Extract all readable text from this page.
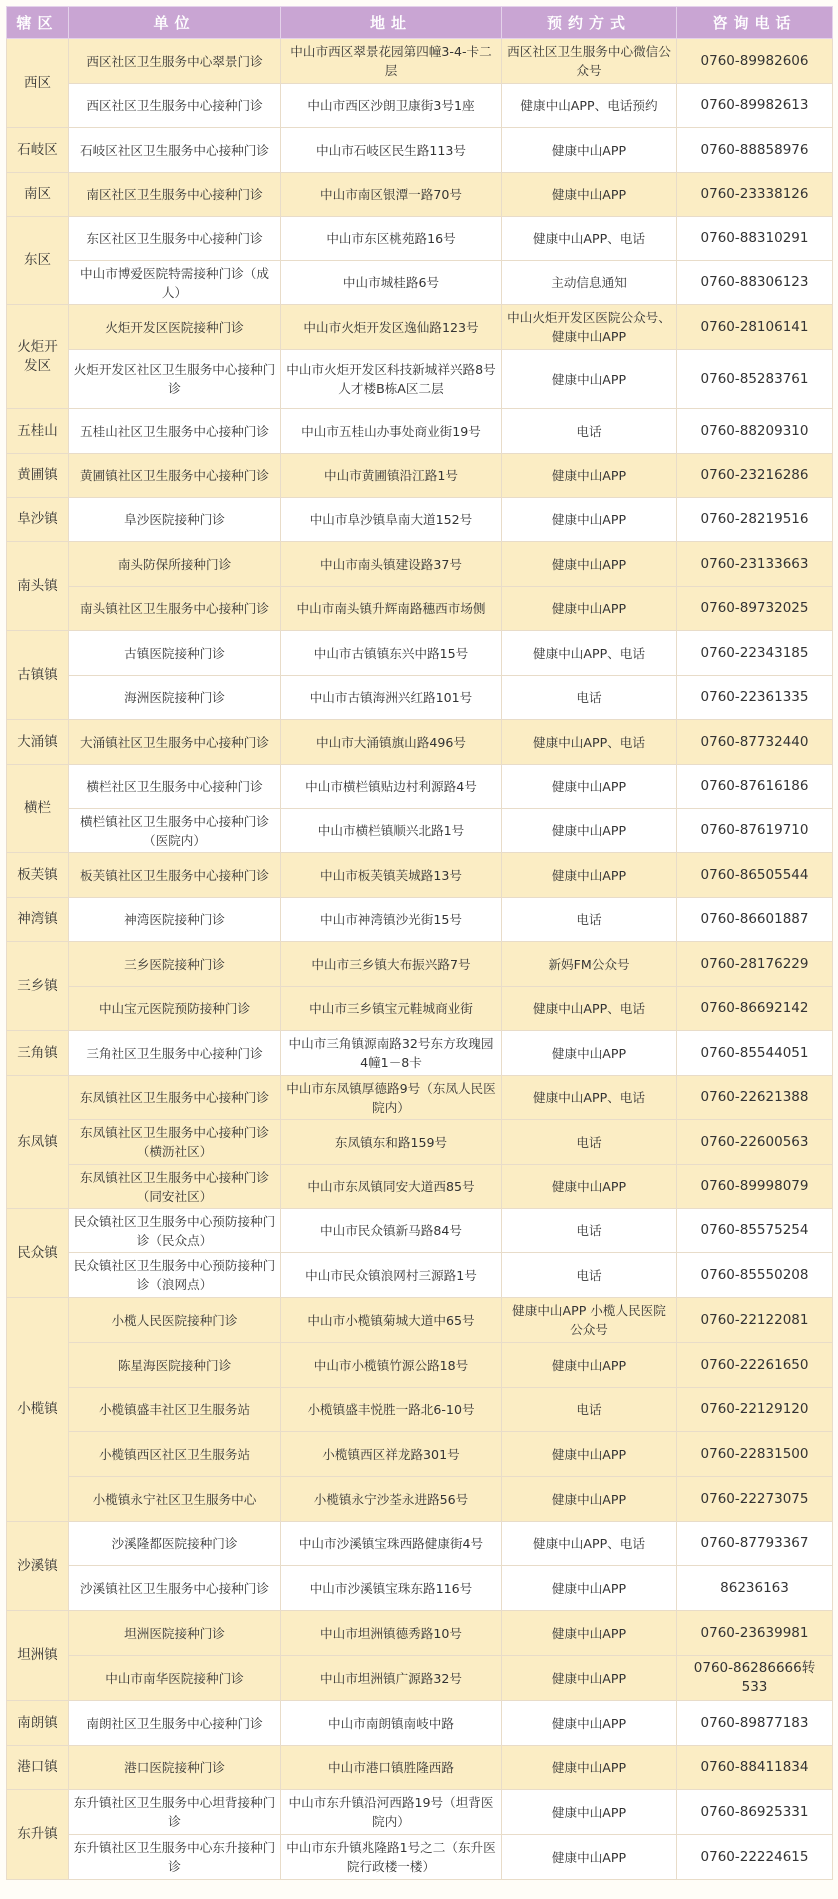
辖区	单位	地址	预约方式	咨询电话
西区	西区社区卫生服务中心翠景门诊	中山市西区翠景花园第四幢3-4-卡二层	西区社区卫生服务中心微信公众号	0760-89982606
	西区社区卫生服务中心接种门诊	中山市西区沙朗卫康街3号1座	健康中山APP、电话预约	0760-89982613
石岐区	石岐区社区卫生服务中心接种门诊	中山市石岐区民生路113号	健康中山APP	0760-88858976
南区	南区社区卫生服务中心接种门诊	中山市南区银潭一路70号	健康中山APP	0760-23338126
东区	东区社区卫生服务中心接种门诊	中山市东区桃苑路16号	健康中山APP、电话	0760-88310291
	中山市博爱医院特需接种门诊（成人）	中山市城桂路6号	主动信息通知	0760-88306123
火炬开发区	火炬开发区医院接种门诊	中山市火炬开发区逸仙路123号	中山火炬开发区医院公众号、健康中山APP	0760-28106141
	火炬开发区社区卫生服务中心接种门诊	中山市火炬开发区科技新城祥兴路8号人才楼B栋A区二层	健康中山APP	0760-85283761
五桂山	五桂山社区卫生服务中心接种门诊	中山市五桂山办事处商业街19号	电话	0760-88209310
黄圃镇	黄圃镇社区卫生服务中心接种门诊	中山市黄圃镇沿江路1号	健康中山APP	0760-23216286
阜沙镇	阜沙医院接种门诊	中山市阜沙镇阜南大道152号	健康中山APP	0760-28219516
南头镇	南头防保所接种门诊	中山市南头镇建设路37号	健康中山APP	0760-23133663
	南头镇社区卫生服务中心接种门诊	中山市南头镇升辉南路穗西市场侧	健康中山APP	0760-89732025
古镇镇	古镇医院接种门诊	中山市古镇镇东兴中路15号	健康中山APP、电话	0760-22343185
	海洲医院接种门诊	中山市古镇海洲兴红路101号	电话	0760-22361335
大涌镇	大涌镇社区卫生服务中心接种门诊	中山市大涌镇旗山路496号	健康中山APP、电话	0760-87732440
横栏	横栏社区卫生服务中心接种门诊	中山市横栏镇贴边村利源路4号	健康中山APP	0760-87616186
	横栏镇社区卫生服务中心接种门诊（医院内）	中山市横栏镇顺兴北路1号	健康中山APP	0760-87619710
板芙镇	板芙镇社区卫生服务中心接种门诊	中山市板芙镇芙城路13号	健康中山APP	0760-86505544
神湾镇	神湾医院接种门诊	中山市神湾镇沙光街15号	电话	0760-86601887
三乡镇	三乡医院接种门诊	中山市三乡镇大布振兴路7号	新妈FM公众号	0760-28176229
	中山宝元医院预防接种门诊	中山市三乡镇宝元鞋城商业街	健康中山APP、电话	0760-86692142
三角镇	三角社区卫生服务中心接种门诊	中山市三角镇源南路32号东方玫瑰园4幢1－8卡	健康中山APP	0760-85544051
东凤镇	东凤镇社区卫生服务中心接种门诊	中山市东凤镇厚德路9号（东凤人民医院内）	健康中山APP、电话	0760-22621388
	东凤镇社区卫生服务中心接种门诊（横沥社区）	东凤镇东和路159号	电话	0760-22600563
	东凤镇社区卫生服务中心接种门诊（同安社区）	中山市东凤镇同安大道西85号	健康中山APP	0760-89998079
民众镇	民众镇社区卫生服务中心预防接种门诊（民众点）	中山市民众镇新马路84号	电话	0760-85575254
	民众镇社区卫生服务中心预防接种门诊（浪网点）	中山市民众镇浪网村三源路1号	电话	0760-85550208
小榄镇	小榄人民医院接种门诊	中山市小榄镇菊城大道中65号	健康中山APP 小榄人民医院公众号	0760-22122081
	陈星海医院接种门诊	中山市小榄镇竹源公路18号	健康中山APP	0760-22261650
	小榄镇盛丰社区卫生服务站	小榄镇盛丰悦胜一路北6-10号	电话	0760-22129120
	小榄镇西区社区卫生服务站	小榄镇西区祥龙路301号	健康中山APP	0760-22831500
	小榄镇永宁社区卫生服务中心	小榄镇永宁沙荃永进路56号	健康中山APP	0760-22273075
沙溪镇	沙溪隆都医院接种门诊	中山市沙溪镇宝珠西路健康街4号	健康中山APP、电话	0760-87793367
	沙溪镇社区卫生服务中心接种门诊	中山市沙溪镇宝珠东路116号	健康中山APP	86236163
坦洲镇	坦洲医院接种门诊	中山市坦洲镇德秀路10号	健康中山APP	0760-23639981
	中山市南华医院接种门诊	中山市坦洲镇广源路32号	健康中山APP	0760-86286666转533
南朗镇	南朗社区卫生服务中心接种门诊	中山市南朗镇南岐中路	健康中山APP	0760-89877183
港口镇	港口医院接种门诊	中山市港口镇胜隆西路	健康中山APP	0760-88411834
东升镇	东升镇社区卫生服务中心坦背接种门诊	中山市东升镇沿河西路19号（坦背医院内）	健康中山APP	0760-86925331
	东升镇社区卫生服务中心东升接种门诊	中山市东升镇兆隆路1号之二（东升医院行政楼一楼）	健康中山APP	0760-22224615
